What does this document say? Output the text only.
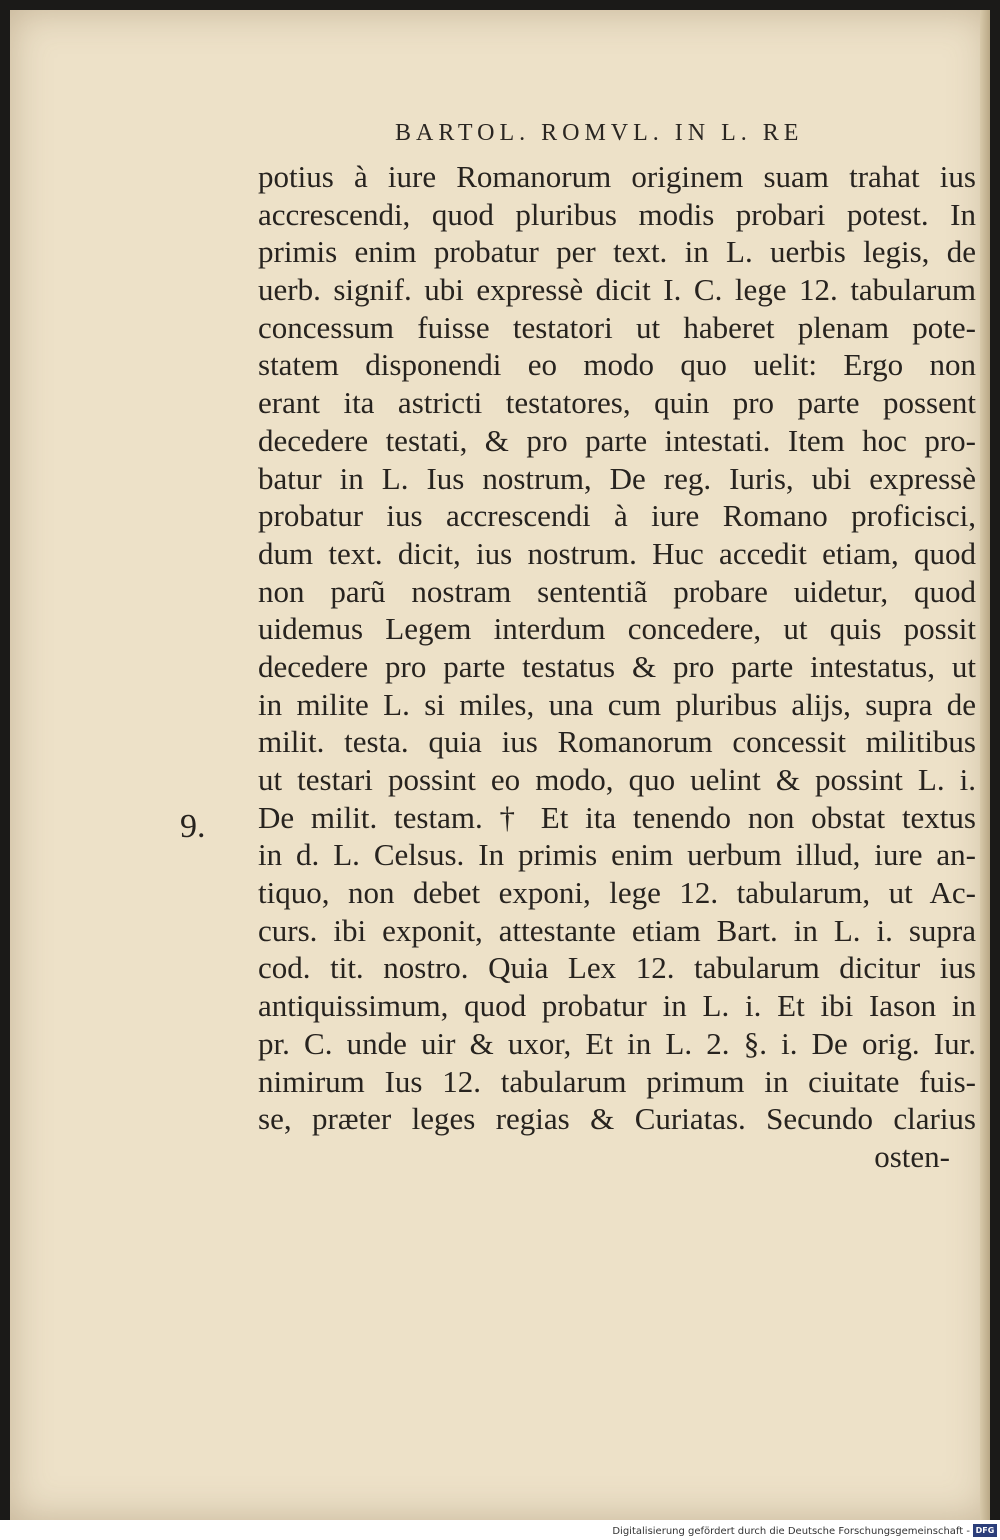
BARTOL. ROMVL. IN L. RE
9.
potius à iure Romanorum originem suam trahat ius
accrescendi, quod pluribus modis probari potest. In
primis enim probatur per text. in L. uerbis legis, de
uerb. signif. ubi expressè dicit I. C. lege 12. tabularum
concessum fuisse testatori ut haberet plenam pote-
statem disponendi eo modo quo uelit: Ergo non
erant ita astricti testatores, quin pro parte possent
decedere testati, & pro parte intestati. Item hoc pro-
batur in L. Ius nostrum, De reg. Iuris, ubi expressè
probatur ius accrescendi à iure Romano proficisci,
dum text. dicit, ius nostrum. Huc accedit etiam, quod
non parũ nostram sententiã probare uidetur, quod
uidemus Legem interdum concedere, ut quis possit
decedere pro parte testatus & pro parte intestatus, ut
in milite L. si miles, una cum pluribus alijs, supra de
milit. testa. quia ius Romanorum concessit militibus
ut testari possint eo modo, quo uelint & possint L. i.
De milit. testam. † Et ita tenendo non obstat textus
in d. L. Celsus. In primis enim uerbum illud, iure an-
tiquo, non debet exponi, lege 12. tabularum, ut Ac-
curs. ibi exponit, attestante etiam Bart. in L. i. supra
cod. tit. nostro. Quia Lex 12. tabularum dicitur ius
antiquissimum, quod probatur in L. i. Et ibi Iason in
pr. C. unde uir & uxor, Et in L. 2. §. i. De orig. Iur.
nimirum Ius 12. tabularum primum in ciuitate fuis-
se, præter leges regias & Curiatas. Secundo clarius
osten-
Digitalisierung gefördert durch die Deutsche Forschungsgemeinschaft - DFG
